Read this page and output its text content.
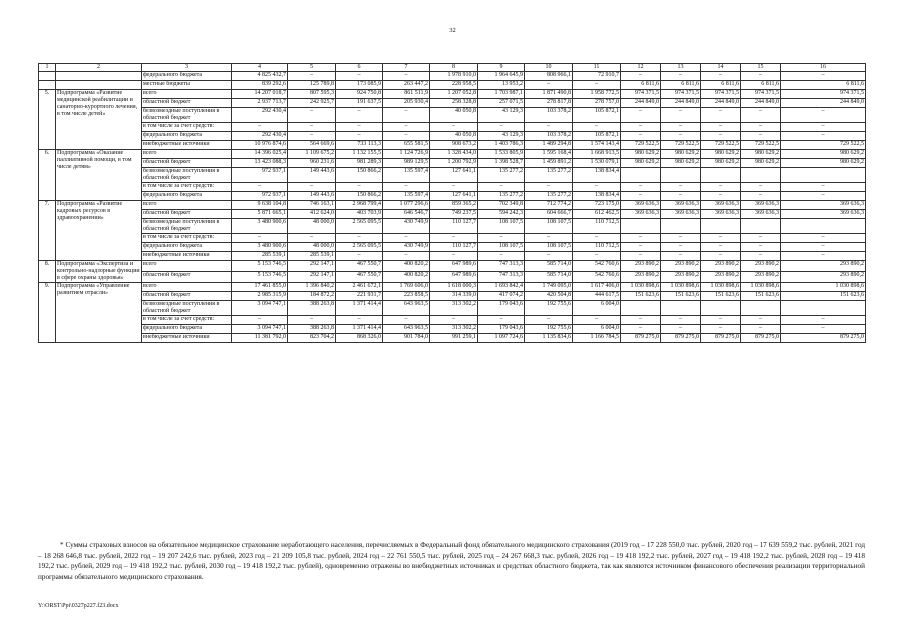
32
1	2	3	4	5	6	7	8	9	10	11	12	13	14	15	16
		федерального бюджета	4 825 432,7	–	–	–	1 978 910,0	1 964 645,9	808 966,1	72 910,7	–	–	–	–	–
		местные бюджеты	839 292,6	125 789,8	173 085,9	263 447,2	228 958,5	13 953,2	–	–	6 811,6	6 811,6	6 811,6	6 811,6	6 811,6
5.	Подпрограмма «Развитие медицинской реабилитации и санаторно-курортного лечения, в том числе детей»	всего	14 207 018,7	807 595,3	924 750,8	861 511,9	1 207 052,8	1 703 987,1	1 871 490,8	1 958 772,5	974 371,5	974 371,5	974 371,5	974 371,5	974 371,5
		областной бюджет	2 937 713,7	242 925,7	191 637,5	205 930,4	258 328,8	257 071,5	278 817,8	278 757,0	244 849,0	244 849,0	244 849,0	244 849,0	244 849,0
		безвозмездные поступления в областной бюджет	292 430,4	–	–	–	40 050,8	43 129,3	103 378,2	105 872,1	–	–	–	–	–
		в том числе за счет средств:	–	–	–	–	–	–	–	–	–	–	–	–	–
		федерального бюджета	292 430,4	–	–	–	40 050,8	43 129,3	103 378,2	105 872,1	–	–	–	–	–
		внебюджетные источники	10 976 874,6	564 669,6	733 113,3	655 581,5	908 673,2	1 403 786,3	1 489 294,8	1 574 143,4	729 522,5	729 522,5	729 522,5	729 522,5	729 522,5
6.	Подпрограмма «Оказание паллиативной помощи, в том числе детям»	всего	14 396 025,4	1 109 675,2	1 132 155,5	1 124 726,9	1 328 434,0	1 533 805,9	1 595 168,4	1 668 913,5	980 629,2	980 629,2	980 629,2	980 629,2	980 629,2
		областной бюджет	13 423 088,3	960 231,6	981 289,3	989 129,5	1 200 792,9	1 398 528,7	1 459 891,2	1 530 079,1	980 629,2	980 629,2	980 629,2	980 629,2	980 629,2
		безвозмездные поступления в областной бюджет	972 937,1	149 443,6	150 866,2	135 597,4	127 641,1	135 277,2	135 277,2	138 834,4					
		в том числе за счет средств:	–	–	–	–	–	–	–	–	–	–	–	–	–
		федерального бюджета	972 937,1	149 443,6	150 866,2	135 597,4	127 641,1	135 277,2	135 277,2	138 834,4	–	–	–	–	–
7.	Подпрограмма «Развитие кадровых ресурсов в здравоохранении»	всего	9 638 104,8	746 163,1	2 968 799,4	1 077 296,6	859 365,2	702 349,8	712 774,2	723 175,0	369 636,3	369 636,3	369 636,3	369 636,3	369 636,3
		областной бюджет	5 871 665,1	412 624,0	403 703,9	646 546,7	749 237,5	594 242,3	604 666,7	612 462,5	369 636,3	369 636,3	369 636,3	369 636,3	369 636,3
		безвозмездные поступления в областной бюджет	3 480 900,6	48 000,0	2 565 095,5	430 749,9	110 127,7	108 107,5	108 107,5	110 712,5					
		в том числе за счет средств:	–	–	–	–	–	–	–	–	–	–	–	–	–
		федерального бюджета	3 480 900,6	48 000,0	2 565 095,5	430 749,9	110 127,7	108 107,5	108 107,5	110 712,5	–	–	–	–	–
		внебюджетные источники	285 539,1	285 539,1	–	–	–	–	–	–	–	–	–	–	–
8.	Подпрограмма «Экспертиза и контрольно-надзорные функции в сфере охраны здоровья»	всего	5 153 746,5	292 147,1	467 550,7	400 820,2	647 989,6	747 313,3	585 714,0	542 760,6	293 890,2	293 890,2	293 890,2	293 890,2	293 890,2
		областной бюджет	5 153 746,5	292 147,1	467 550,7	400 820,2	647 989,6	747 313,3	585 714,0	542 760,6	293 890,2	293 890,2	293 890,2	293 890,2	293 890,2
9.	Подпрограмма «Управление развитием отрасли»	всего	17 461 855,0	1 396 840,2	2 461 672,1	1 769 606,0	1 618 000,3	1 693 842,4	1 749 095,0	1 617 406,0	1 030 898,6	1 030 898,6	1 030 898,6	1 030 898,6	1 030 898,6
		областной бюджет	2 985 315,9	184 872,2	221 931,7	223 858,5	314 339,0	417 074,2	420 504,8	444 617,5	151 623,6	151 623,6	151 623,6	151 623,6	151 623,6
		безвозмездные поступления в областной бюджет	3 094 747,1	388 263,8	1 371 414,4	643 963,5	313 302,2	179 043,6	192 755,6	6 004,0					
		в том числе за счет средств:	–	–	–	–	–	–	–	–	–	–	–	–	–
		федерального бюджета	3 094 747,1	388 263,8	1 371 414,4	643 963,5	313 302,2	179 043,6	192 755,6	6 004,0	–	–	–	–	–
		внебюджетные источники	11 381 792,0	823 704,2	868 326,0	901 784,0	991 259,1	1 097 724,6	1 135 834,6	1 166 784,5	879 275,0	879 275,0	879 275,0	879 275,0	879 275,0
* Суммы страховых взносов на обязательное медицинское страхование неработающего населения, перечисляемых в Федеральный фонд обязательного медицинского страхования (2019 год – 17 228 550,0 тыс. рублей, 2020 год – 17 639 559,2 тыс. рублей, 2021 год – 18 268 646,8 тыс. рублей, 2022 год – 19 207 242,6 тыс. рублей, 2023 год – 21 209 105,8 тыс. рублей, 2024 год – 22 761 550,5 тыс. рублей, 2025 год – 24 267 668,3 тыс. рублей, 2026 год – 19 418 192,2 тыс. рублей, 2027 год – 19 418 192,2 тыс. рублей, 2028 год – 19 418 192,2 тыс. рублей, 2029 год – 19 418 192,2 тыс. рублей, 2030 год – 19 418 192,2 тыс. рублей), одновременно отражены во внебюджетных источниках и средствах областного бюджета, так как являются источником финансового обеспечения реализации территориальной программы обязательного медицинского страхования.
Y:\ORST\Ppi\0327p227.f23.docx
